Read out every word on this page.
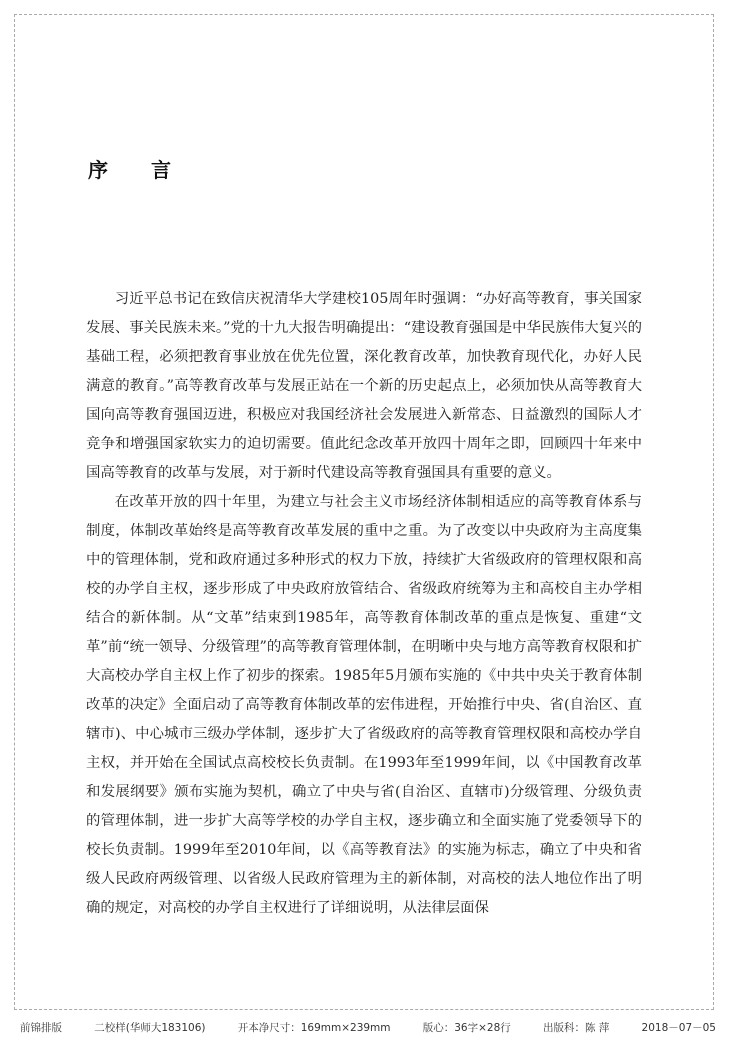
序 言

习近平总书记在致信庆祝清华大学建校105周年时强调：“办好高等教育，事关国家发展、事关民族未来。”党的十九大报告明确提出：“建设教育强国是中华民族伟大复兴的基础工程，必须把教育事业放在优先位置，深化教育改革，加快教育现代化，办好人民满意的教育。”高等教育改革与发展正站在一个新的历史起点上，必须加快从高等教育大国向高等教育强国迈进，积极应对我国经济社会发展进入新常态、日益激烈的国际人才竞争和增强国家软实力的迫切需要。值此纪念改革开放四十周年之即，回顾四十年来中国高等教育的改革与发展，对于新时代建设高等教育强国具有重要的意义。

在改革开放的四十年里，为建立与社会主义市场经济体制相适应的高等教育体系与制度，体制改革始终是高等教育改革发展的重中之重。为了改变以中央政府为主高度集中的管理体制，党和政府通过多种形式的权力下放，持续扩大省级政府的管理权限和高校的办学自主权，逐步形成了中央政府放管结合、省级政府统筹为主和高校自主办学相结合的新体制。从“文革”结束到1985年，高等教育体制改革的重点是恢复、重建“文革”前“统一领导、分级管理”的高等教育管理体制，在明晰中央与地方高等教育权限和扩大高校办学自主权上作了初步的探索。1985年5月颁布实施的《中共中央关于教育体制改革的决定》全面启动了高等教育体制改革的宏伟进程，开始推行中央、省(自治区、直辖市)、中心城市三级办学体制，逐步扩大了省级政府的高等教育管理权限和高校办学自主权，并开始在全国试点高校校长负责制。在1993年至1999年间，以《中国教育改革和发展纲要》颁布实施为契机，确立了中央与省(自治区、直辖市)分级管理、分级负责的管理体制，进一步扩大高等学校的办学自主权，逐步确立和全面实施了党委领导下的校长负责制。1999年至2010年间，以《高等教育法》的实施为标志，确立了中央和省级人民政府两级管理、以省级人民政府管理为主的新体制，对高校的法人地位作出了明确的规定，对高校的办学自主权进行了详细说明，从法律层面保

前锦排版	二校样(华师大183106)	开本净尺寸：169mm×239mm	版心：36字×28行	出版科：陈 萍	2018－07－05
